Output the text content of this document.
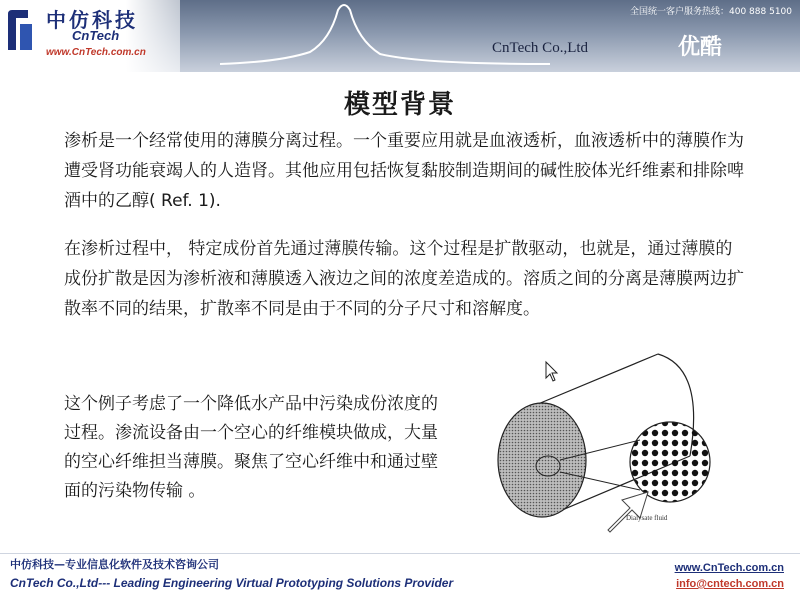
中仿科技
CnTech
www.CnTech.com.cn
全国统一客户服务热线：400 888 5100
CnTech Co.,Ltd	优酷
模型背景
渗析是一个经常使用的薄膜分离过程。一个重要应用就是血液透析，血液透析中的薄膜作为遭受肾功能衰竭人的人造肾。其他应用包括恢复黏胶制造期间的碱性胶体光纤维素和排除啤酒中的乙醇( Ref. 1).
在渗析过程中， 特定成份首先通过薄膜传输。这个过程是扩散驱动，也就是，通过薄膜的成份扩散是因为渗析液和薄膜透入液边之间的浓度差造成的。溶质之间的分离是薄膜两边扩散率不同的结果，扩散率不同是由于不同的分子尺寸和溶解度。
这个例子考虑了一个降低水产品中污染成份浓度的过程。渗流设备由一个空心的纤维模块做成，大量的空心纤维担当薄膜。聚焦了空心纤维中和通过壁面的污染物传输 。
Dialysate fluid
中仿科技—专业信息化软件及技术咨询公司
CnTech Co.,Ltd--- Leading Engineering Virtual Prototyping Solutions Provider
www.CnTech.com.cn
info@cntech.com.cn
